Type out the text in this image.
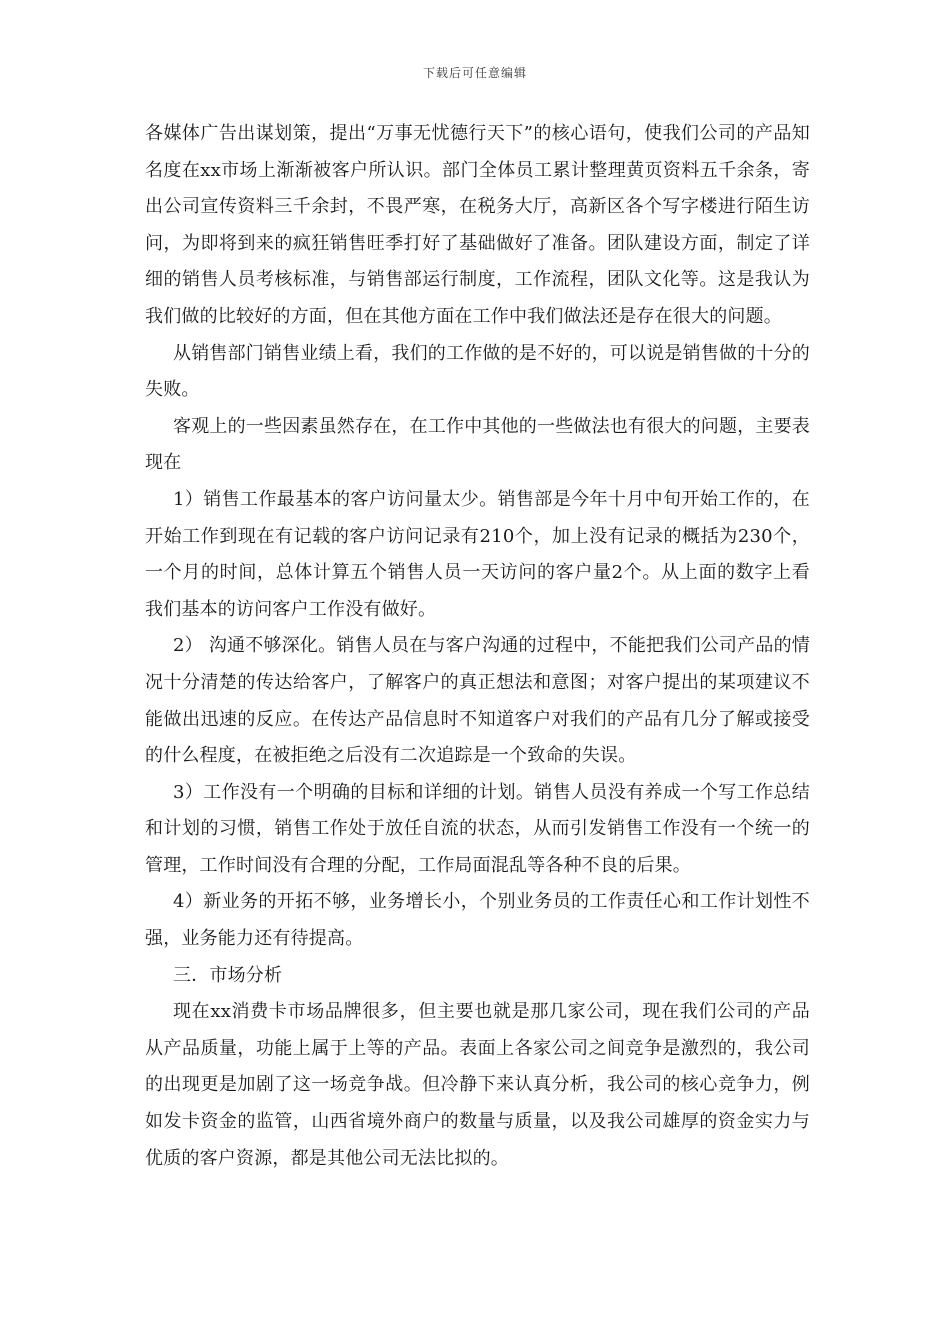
下载后可任意编辑

各媒体广告出谋划策，提出“万事无忧德行天下”的核心语句，使我们公司的产品知名度在xx市场上渐渐被客户所认识。部门全体员工累计整理黄页资料五千余条，寄出公司宣传资料三千余封，不畏严寒，在税务大厅，高新区各个写字楼进行陌生访问，为即将到来的疯狂销售旺季打好了基础做好了准备。团队建设方面，制定了详细的销售人员考核标准，与销售部运行制度，工作流程，团队文化等。这是我认为我们做的比较好的方面，但在其他方面在工作中我们做法还是存在很大的问题。

从销售部门销售业绩上看，我们的工作做的是不好的，可以说是销售做的十分的失败。

客观上的一些因素虽然存在，在工作中其他的一些做法也有很大的问题，主要表现在

1）销售工作最基本的客户访问量太少。销售部是今年十月中旬开始工作的，在开始工作到现在有记载的客户访问记录有210个，加上没有记录的概括为230个，一个月的时间，总体计算五个销售人员一天访问的客户量2个。从上面的数字上看我们基本的访问客户工作没有做好。

2） 沟通不够深化。销售人员在与客户沟通的过程中，不能把我们公司产品的情况十分清楚的传达给客户，了解客户的真正想法和意图；对客户提出的某项建议不能做出迅速的反应。在传达产品信息时不知道客户对我们的产品有几分了解或接受的什么程度，在被拒绝之后没有二次追踪是一个致命的失误。

3）工作没有一个明确的目标和详细的计划。销售人员没有养成一个写工作总结和计划的习惯，销售工作处于放任自流的状态，从而引发销售工作没有一个统一的管理，工作时间没有合理的分配，工作局面混乱等各种不良的后果。

4）新业务的开拓不够，业务增长小，个别业务员的工作责任心和工作计划性不强，业务能力还有待提高。

三．市场分析

现在xx消费卡市场品牌很多，但主要也就是那几家公司，现在我们公司的产品从产品质量，功能上属于上等的产品。表面上各家公司之间竞争是激烈的，我公司的出现更是加剧了这一场竞争战。但冷静下来认真分析，我公司的核心竞争力，例如发卡资金的监管，山西省境外商户的数量与质量，以及我公司雄厚的资金实力与优质的客户资源，都是其他公司无法比拟的。
